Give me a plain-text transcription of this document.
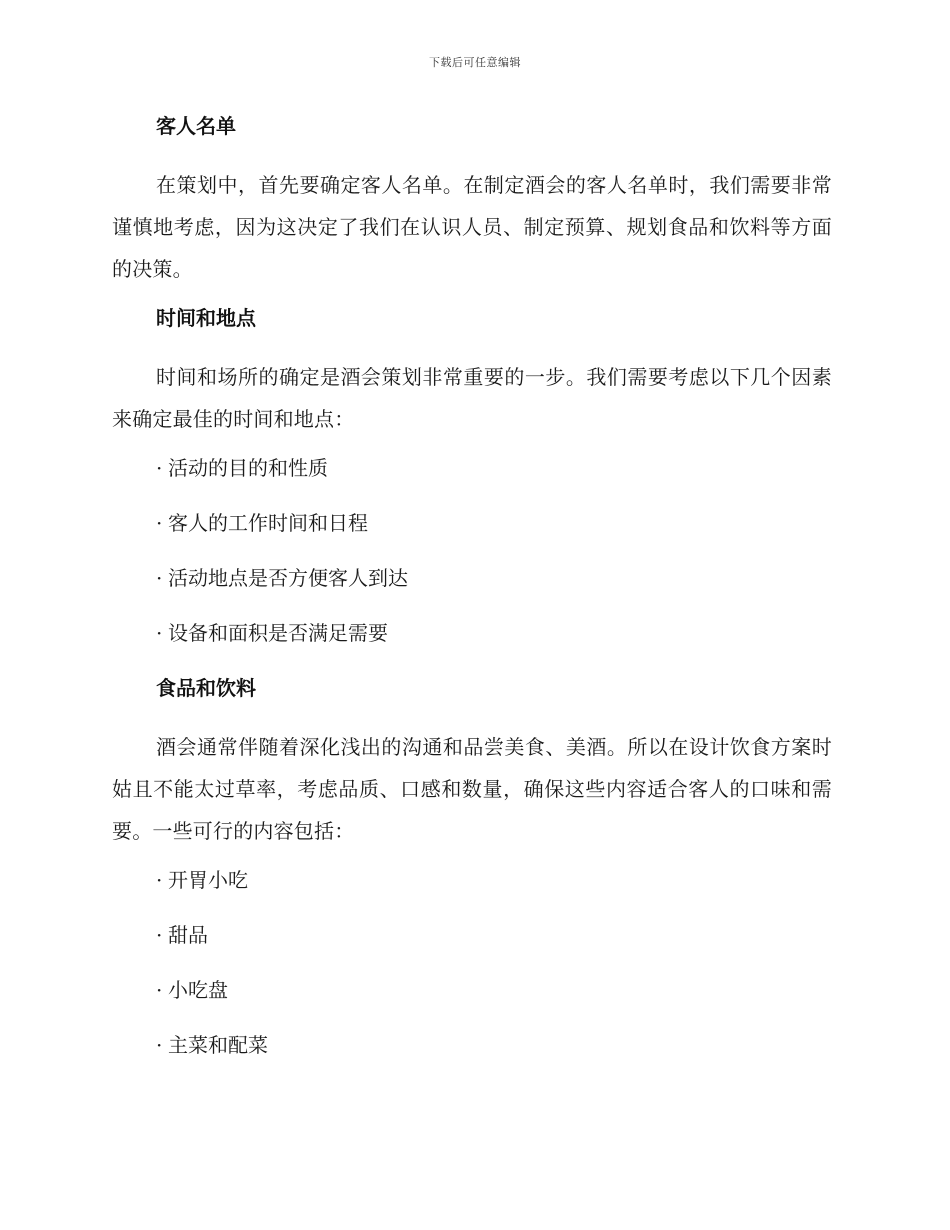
下载后可任意编辑
客人名单

在策划中，首先要确定客人名单。在制定酒会的客人名单时，我们需要非常谨慎地考虑，因为这决定了我们在认识人员、制定预算、规划食品和饮料等方面的决策。

时间和地点

时间和场所的确定是酒会策划非常重要的一步。我们需要考虑以下几个因素来确定最佳的时间和地点：

· 活动的目的和性质
· 客人的工作时间和日程
· 活动地点是否方便客人到达
· 设备和面积是否满足需要
食品和饮料

酒会通常伴随着深化浅出的沟通和品尝美食、美酒。所以在设计饮食方案时姑且不能太过草率，考虑品质、口感和数量，确保这些内容适合客人的口味和需要。一些可行的内容包括：

· 开胃小吃
· 甜品
· 小吃盘
· 主菜和配菜
